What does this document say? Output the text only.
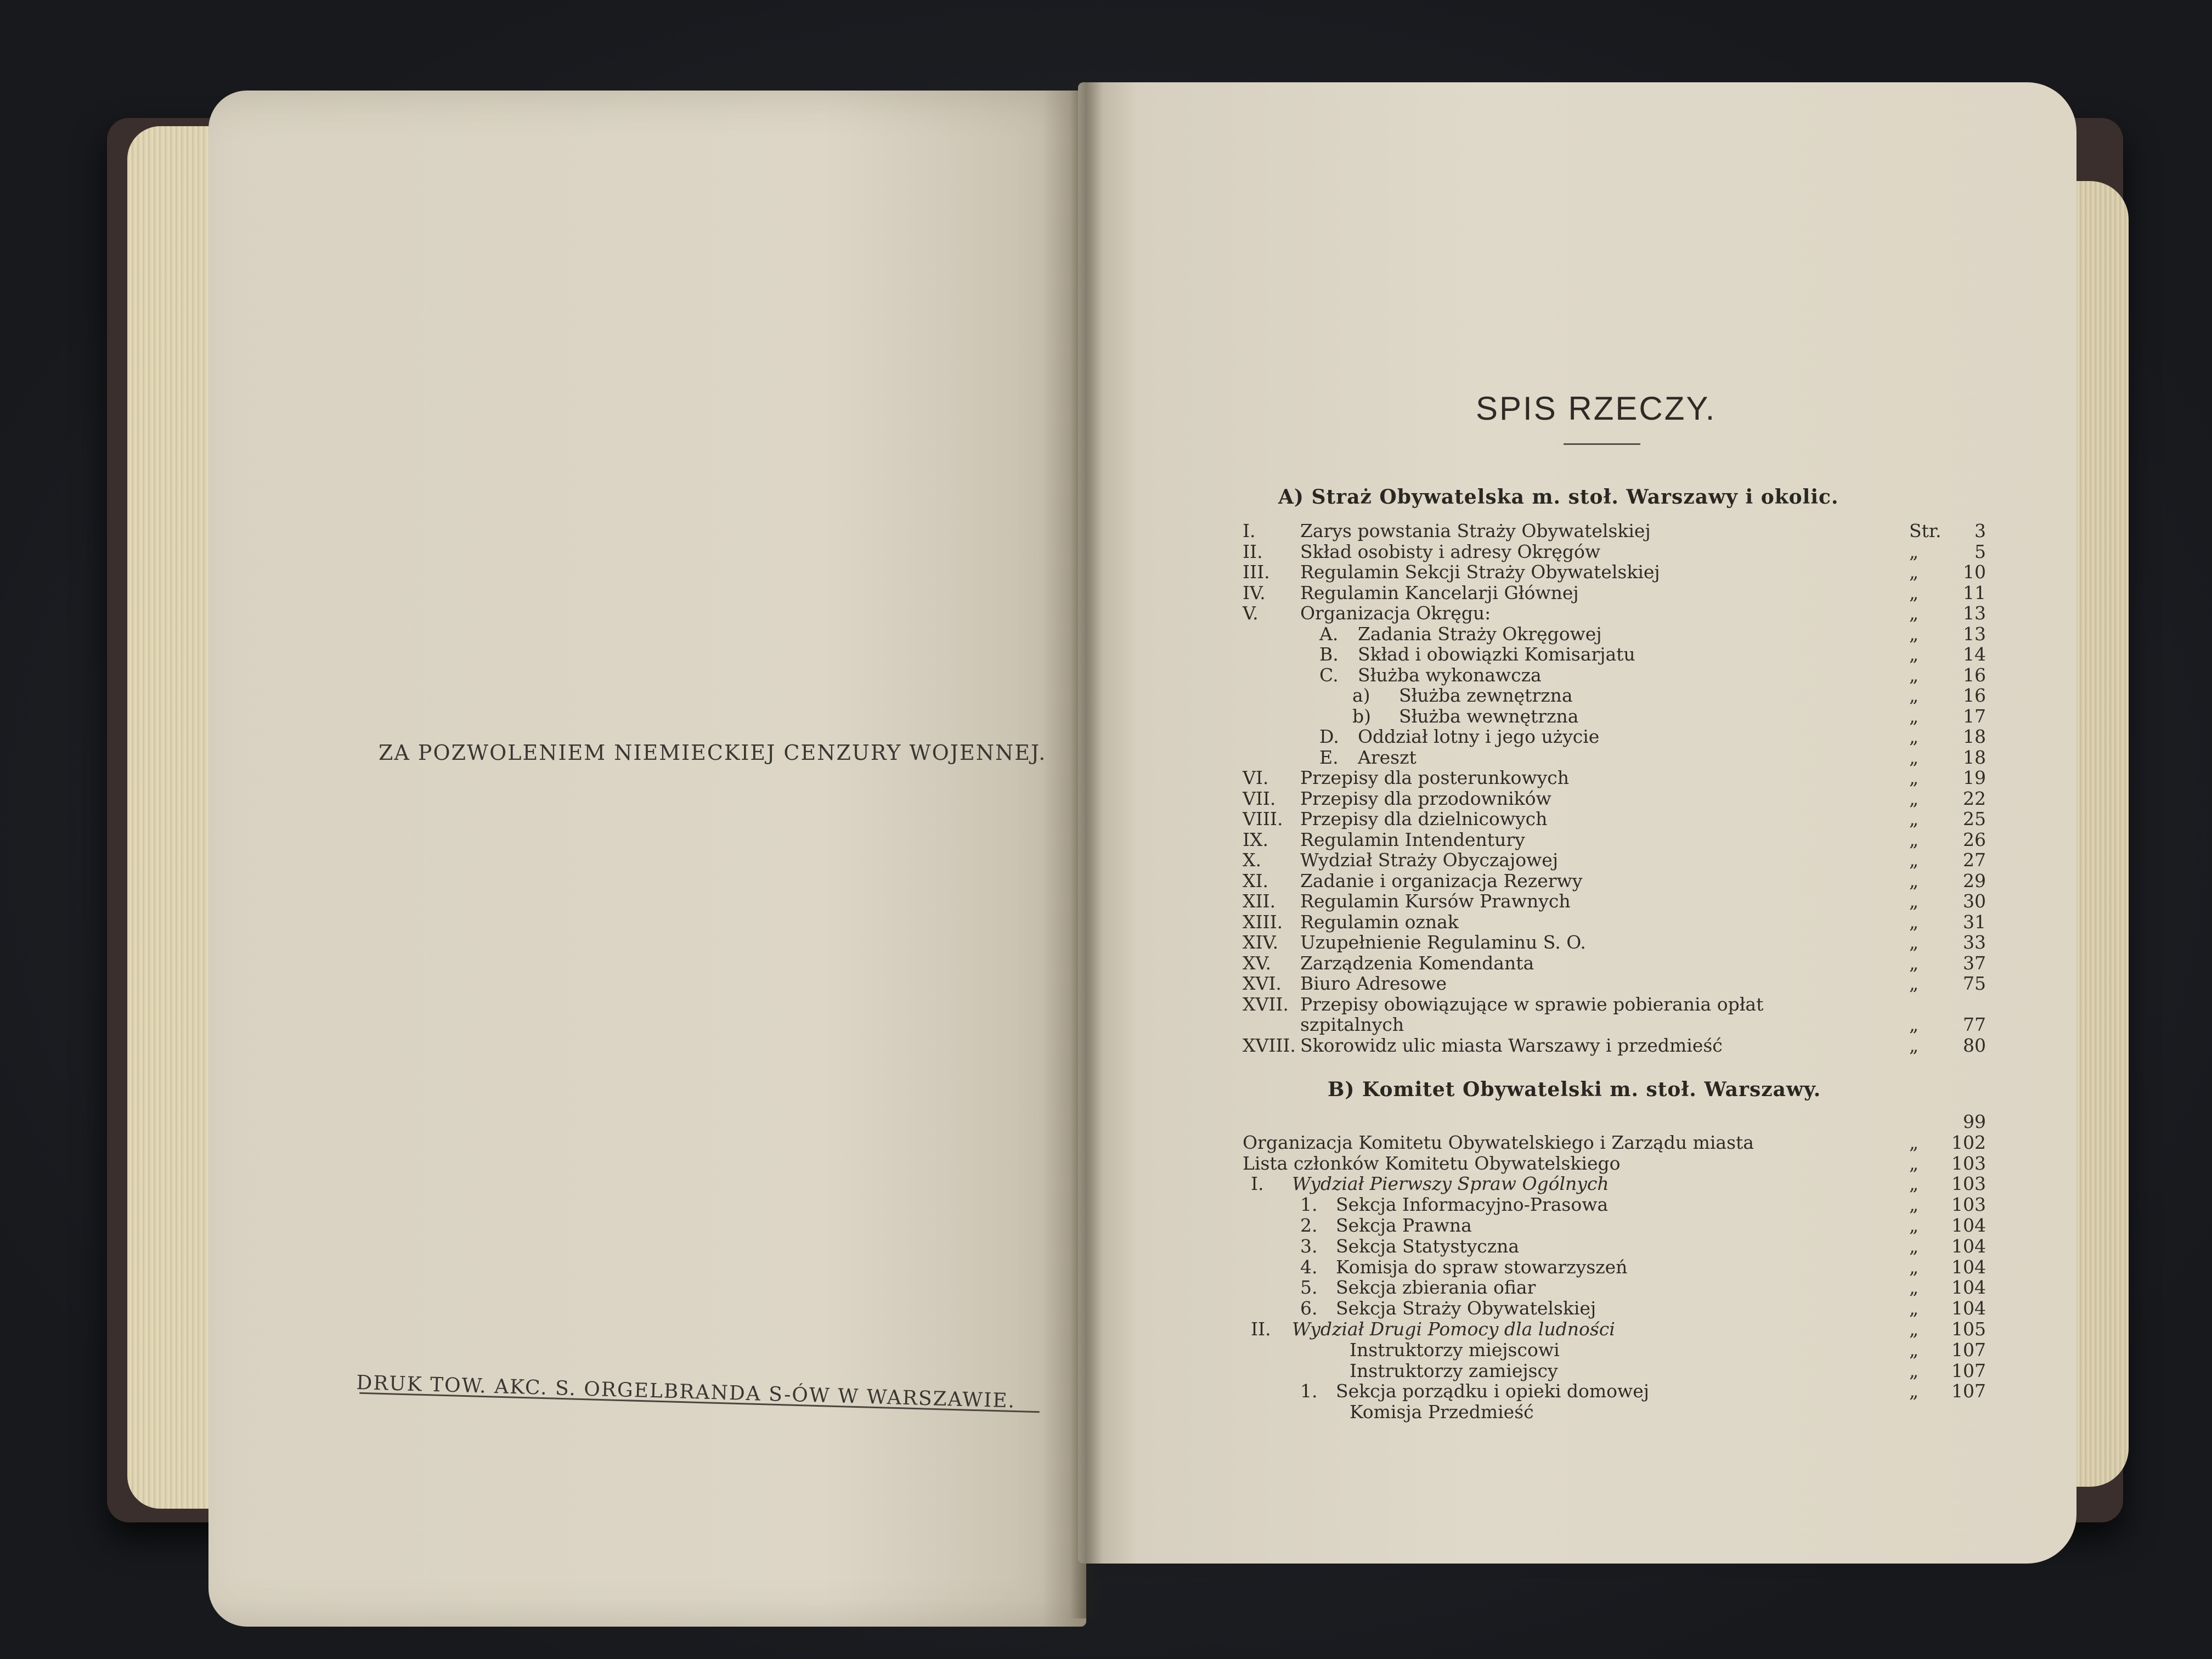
ZA POZWOLENIEM NIEMIECKIEJ CENZURY WOJENNEJ.
DRUK TOW. AKC. S. ORGELBRANDA S-ÓW W WARSZAWIE.
SPIS RZECZY.
A) Straż Obywatelska m. stoł. Warszawy i okolic.
I. Zarys powstania Straży Obywatelskiej	Str. 3
II. Skład osobisty i adresy Okręgów	„	5
III. Regulamin Sekcji Straży Obywatelskiej	„ 10
IV. Regulamin Kancelarji Głównej	„ 11
V. Organizacja Okręgu:	„ 13
A. Zadania Straży Okręgowej	„ 13
B. Skład i obowiązki Komisarjatu	„ 14
C. Służba wykonawcza	„ 16
a) Służba zewnętrzna	„ 16
b) Służba wewnętrzna	„ 17
D. Oddział lotny i jego użycie	„ 18
E. Areszt	„ 18
VI. Przepisy dla posterunkowych	„ 19
VII. Przepisy dla przodowników	„ 22
VIII. Przepisy dla dzielnicowych	„ 25
IX. Regulamin Intendentury	„ 26
X. Wydział Straży Obyczajowej	„ 27
XI. Zadanie i organizacja Rezerwy	„ 29
XII. Regulamin Kursów Prawnych	„ 30
XIII. Regulamin oznak	„ 31
XIV. Uzupełnienie Regulaminu S. O.	„ 33
XV. Zarządzenia Komendanta	„ 37
XVI. Biuro Adresowe	„ 75
XVII. Przepisy obowiązujące w sprawie pobierania opłat
szpitalnych	„ 77
XVIII. Skorowidz ulic miasta Warszawy i przedmieść	„ 80
B) Komitet Obywatelski m. stoł. Warszawy.
99
Organizacja Komitetu Obywatelskiego i Zarządu miasta	„ 102
Lista członków Komitetu Obywatelskiego	„ 103
I. Wydział Pierwszy Spraw Ogólnych	„ 103
1. Sekcja Informacyjno-Prasowa	„ 103
2. Sekcja Prawna	„ 104
3. Sekcja Statystyczna	„ 104
4. Komisja do spraw stowarzyszeń	„ 104
5. Sekcja zbierania ofiar	„ 104
6. Sekcja Straży Obywatelskiej	„ 104
II. Wydział Drugi Pomocy dla ludności	„ 105
Instruktorzy miejscowi	„ 107
Instruktorzy zamiejscy	„ 107
1. Sekcja porządku i opieki domowej	„ 107
Komisja Przedmieść
